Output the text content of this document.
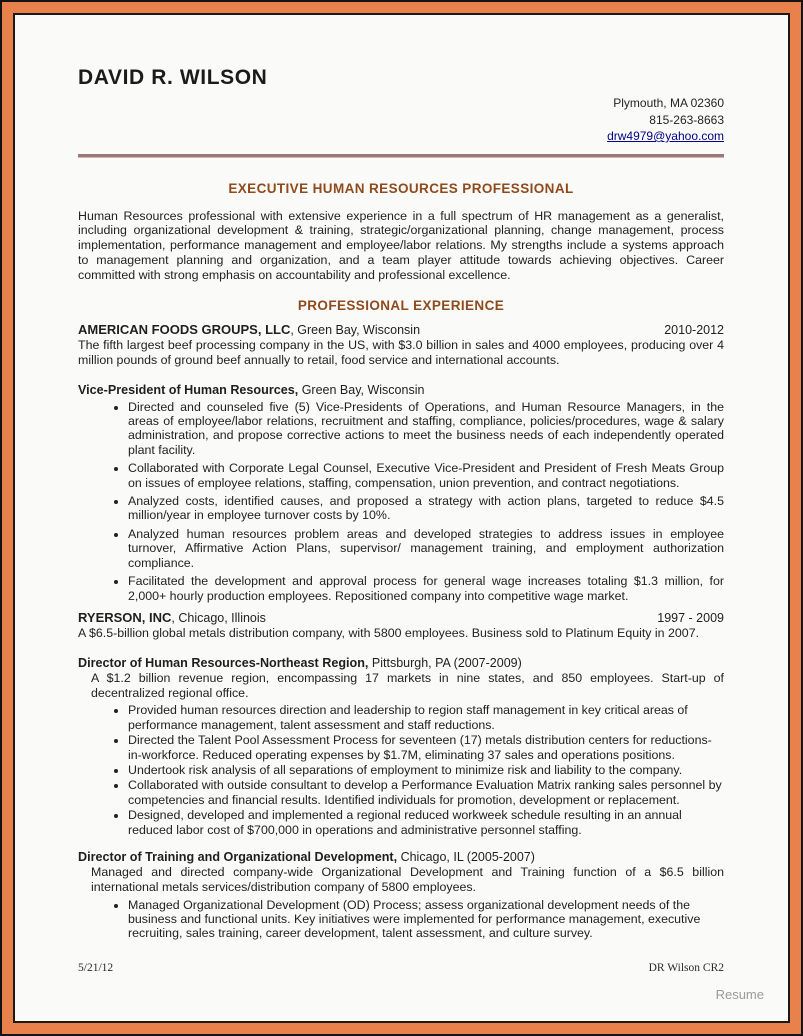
DAVID R. WILSON
Plymouth, MA 02360
815-263-8663
drw4979@yahoo.com
EXECUTIVE HUMAN RESOURCES PROFESSIONAL

Human Resources professional with extensive experience in a full spectrum of HR management as a generalist, including organizational development & training, strategic/organizational planning, change management, process implementation, performance management and employee/labor relations. My strengths include a systems approach to management planning and organization, and a team player attitude towards achieving objectives. Career committed with strong emphasis on accountability and professional excellence.

PROFESSIONAL EXPERIENCE
AMERICAN FOODS GROUPS, LLC, Green Bay, Wisconsin	2010-2012
The fifth largest beef processing company in the US, with $3.0 billion in sales and 4000 employees, producing over 4 million pounds of ground beef annually to retail, food service and international accounts.
Vice-President of Human Resources, Green Bay, Wisconsin
• Directed and counseled five (5) Vice-Presidents of Operations, and Human Resource Managers, in the areas of employee/labor relations, recruitment and staffing, compliance, policies/procedures, wage & salary administration, and propose corrective actions to meet the business needs of each independently operated plant facility.
• Collaborated with Corporate Legal Counsel, Executive Vice-President and President of Fresh Meats Group on issues of employee relations, staffing, compensation, union prevention, and contract negotiations.
• Analyzed costs, identified causes, and proposed a strategy with action plans, targeted to reduce $4.5 million/year in employee turnover costs by 10%.
• Analyzed human resources problem areas and developed strategies to address issues in employee turnover, Affirmative Action Plans, supervisor/ management training, and employment authorization compliance.
• Facilitated the development and approval process for general wage increases totaling $1.3 million, for 2,000+ hourly production employees. Repositioned company into competitive wage market.
RYERSON, INC, Chicago, Illinois	1997 - 2009
A $6.5-billion global metals distribution company, with 5800 employees. Business sold to Platinum Equity in 2007.
Director of Human Resources-Northeast Region, Pittsburgh, PA (2007-2009)
A $1.2 billion revenue region, encompassing 17 markets in nine states, and 850 employees. Start-up of decentralized regional office.
• Provided human resources direction and leadership to region staff management in key critical areas of performance management, talent assessment and staff reductions.
• Directed the Talent Pool Assessment Process for seventeen (17) metals distribution centers for reductions-in-workforce. Reduced operating expenses by $1.7M, eliminating 37 sales and operations positions.
• Undertook risk analysis of all separations of employment to minimize risk and liability to the company.
• Collaborated with outside consultant to develop a Performance Evaluation Matrix ranking sales personnel by competencies and financial results. Identified individuals for promotion, development or replacement.
• Designed, developed and implemented a regional reduced workweek schedule resulting in an annual reduced labor cost of $700,000 in operations and administrative personnel staffing.
Director of Training and Organizational Development, Chicago, IL (2005-2007)
Managed and directed company-wide Organizational Development and Training function of a $6.5 billion international metals services/distribution company of 5800 employees.
• Managed Organizational Development (OD) Process; assess organizational development needs of the business and functional units. Key initiatives were implemented for performance management, executive recruiting, sales training, career development, talent assessment, and culture survey.
5/21/12	DR Wilson CR2
Resume
